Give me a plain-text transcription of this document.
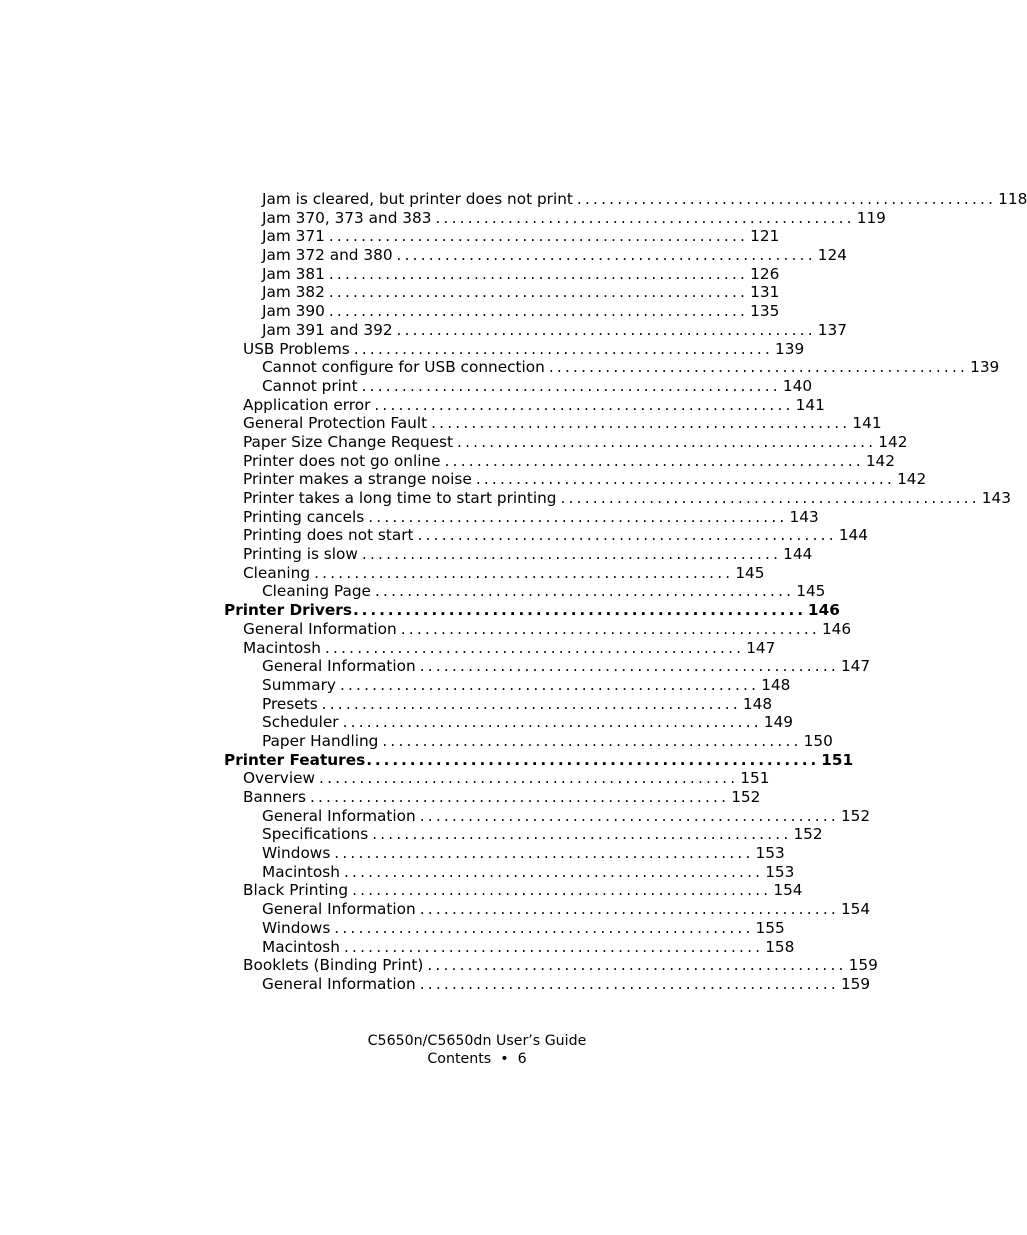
Jam is cleared, but printer does not print .................................................... 118
Jam 370, 373 and 383 .................................................... 119
Jam 371 .................................................... 121
Jam 372 and 380 .................................................... 124
Jam 381 .................................................... 126
Jam 382 .................................................... 131
Jam 390 .................................................... 135
Jam 391 and 392 .................................................... 137
USB Problems .................................................... 139
Cannot configure for USB connection .................................................... 139
Cannot print .................................................... 140
Application error .................................................... 141
General Protection Fault .................................................... 141
Paper Size Change Request .................................................... 142
Printer does not go online .................................................... 142
Printer makes a strange noise .................................................... 142
Printer takes a long time to start printing .................................................... 143
Printing cancels .................................................... 143
Printing does not start .................................................... 144
Printing is slow .................................................... 144
Cleaning .................................................... 145
Cleaning Page .................................................... 145
Printer Drivers .................................................... 146
General Information .................................................... 146
Macintosh .................................................... 147
General Information .................................................... 147
Summary .................................................... 148
Presets .................................................... 148
Scheduler .................................................... 149
Paper Handling .................................................... 150
Printer Features .................................................... 151
Overview .................................................... 151
Banners .................................................... 152
General Information .................................................... 152
Specifications .................................................... 152
Windows .................................................... 153
Macintosh .................................................... 153
Black Printing .................................................... 154
General Information .................................................... 154
Windows .................................................... 155
Macintosh .................................................... 158
Booklets (Binding Print) .................................................... 159
General Information .................................................... 159
C5650n/C5650dn User’s Guide
Contents  •  6
